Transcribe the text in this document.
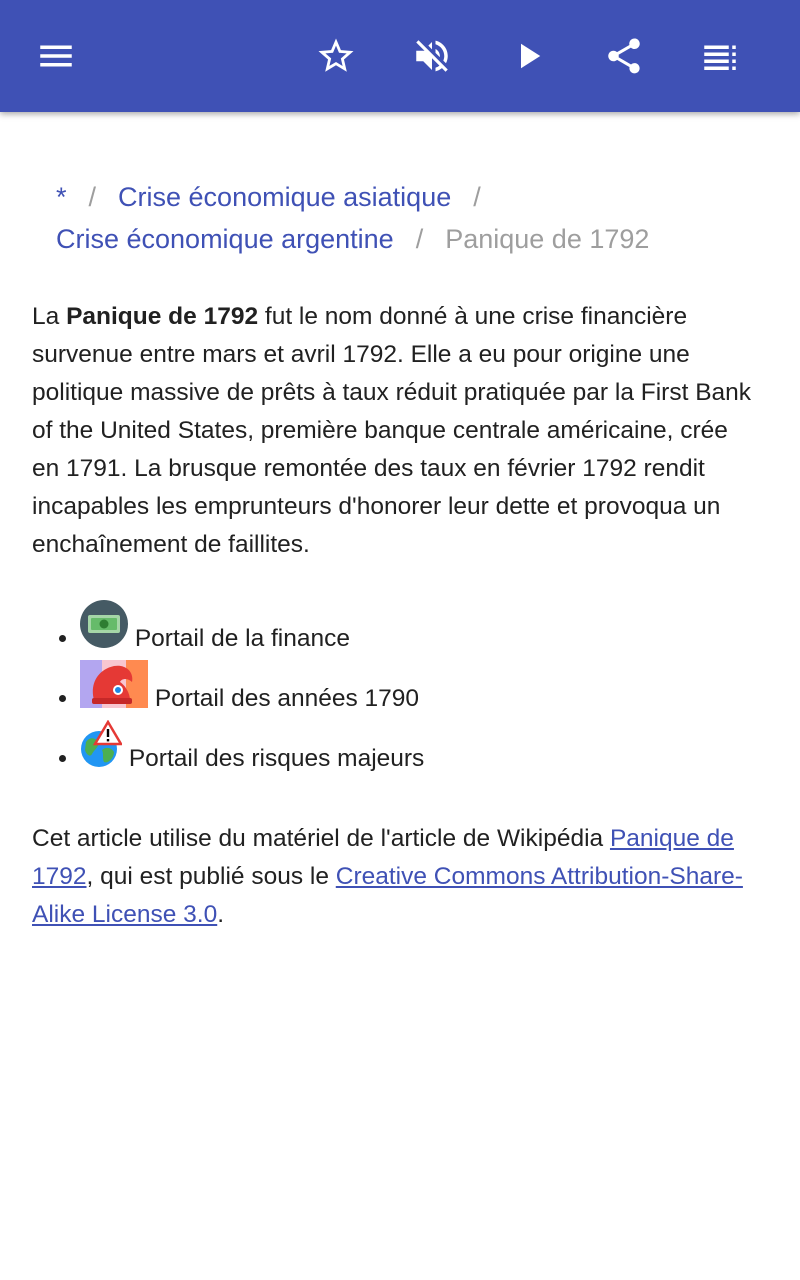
* / Crise économique asiatique /
Crise économique argentine / Panique de 1792

La Panique de 1792 fut le nom donné à une crise financière survenue entre mars et avril 1792. Elle a eu pour origine une politique massive de prêts à taux réduit pratiquée par la First Bank of the United States, première banque centrale américaine, crée en 1791. La brusque remontée des taux en février 1792 rendit incapables les emprunteurs d'honorer leur dette et provoqua un enchaînement de faillites.

• Portail de la finance
• Portail des années 1790
• Portail des risques majeurs

Cet article utilise du matériel de l'article de Wikipédia Panique de 1792, qui est publié sous le Creative Commons Attribution-Share-Alike License 3.0.
